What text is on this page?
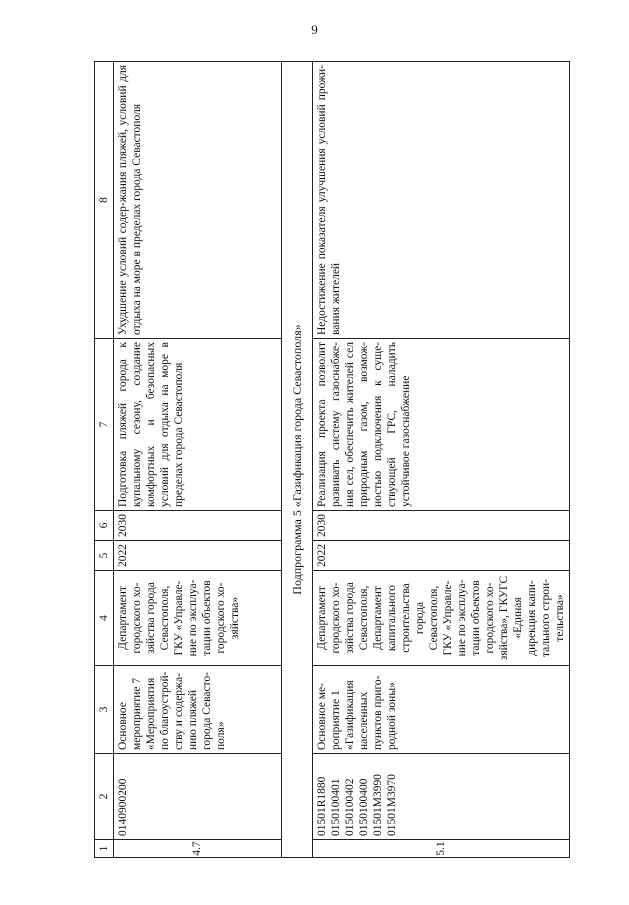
9
1	2	3	4	5	6	7	8
4.7	0140900200	Основное мероприятие 7 «Мероприятия по благоустрой-ству и содержа-нию пляжей города Севасто-поля»	Департамент городского хо-зяйства города Севастополя, ГКУ «Управле-ние по эксплуа-тации объектов городского хо-зяйства»	2022	2030	Подготовка пляжей города к купальному сезону, создание комфортных и безопасных условий для отдыха на море в пределах города Севастополя	Ухудшение условий содер-жания пляжей, условий для отдыха на море в пределах города Севастополя
Подпрограмма 5 «Газификация города Севастополя»							
5.1	01501R1880 0150100401 0150100402 0150100400 01501M3990 01501M3970	Основное ме-роприятие 1 «Газификация населенных пунктов приго-родной зоны»	Департамент городского хо-зяйства города Севастополя, Департамент капитального строительства города Севастополя, ГКУ «Управле-ние по эксплуа-тации объектов городского хо-зяйства», ГКУГС «Единая дирекция капи-тального строи-тельства»	2022	2030	Реализация проекта позволит развивать систему газоснабже-ния сел, обеспечить жителей сел природным газом, возмож-ностью подключения к суще-ствующей ГРС, наладить устойчивое газоснабжение	Недостижение показателя улучшения условий прожи-вания жителей
